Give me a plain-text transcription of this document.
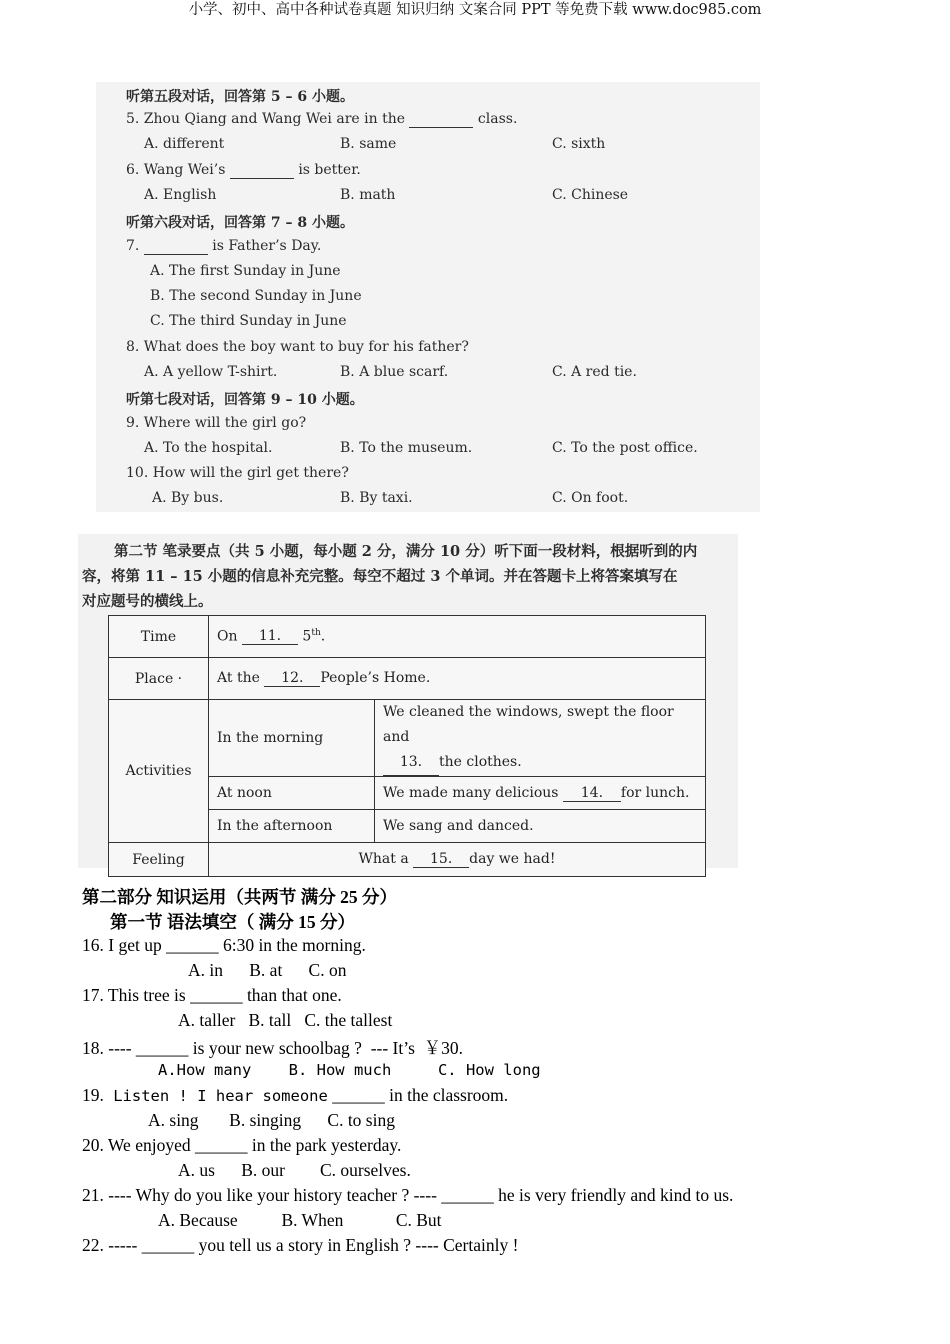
小学、初中、高中各种试卷真题 知识归纳 文案合同 PPT 等免费下载 www.doc985.com
听第五段对话，回答第 5 – 6 小题。
5. Zhou Qiang and Wang Wei are in the	class.
A. different	B. same	C. sixth
6. Wang Wei’s	is better.
A. English	B. math	C. Chinese
听第六段对话，回答第 7 – 8 小题。
7.	is Father’s Day.
A. The first Sunday in June
B. The second Sunday in June
C. The third Sunday in June
8. What does the boy want to buy for his father?
A. A yellow T-shirt.	B. A blue scarf.	C. A red tie.
听第七段对话，回答第 9 – 10 小题。
9. Where will the girl go?
A. To the hospital.	B. To the museum.	C. To the post office.
10. How will the girl get there?
A. By bus.	B. By taxi.	C. On foot.
第二节 笔录要点（共 5 小题，每小题 2 分，满分 10 分）听下面一段材料，根据听到的内
容，将第 11 – 15 小题的信息补充完整。每空不超过 3 个单词。并在答题卡上将答案填写在
对应题号的横线上。
Time	On 11. 5th.	
Place ·	At the 12. People’s Home.	
Activities	In the morning	We cleaned the windows, swept the floor and
13. the clothes.
	At noon	We made many delicious 14. for lunch.
	In the afternoon	We sang and danced.
Feeling	What a 15. day we had!	
第二部分 知识运用（共两节 满分 25 分）
第一节 语法填空（ 满分 15 分）
16. I get up ______ 6:30 in the morning.
A. in      B. at      C. on
17. This tree is ______ than that one.
A. taller   B. tall   C. the tallest
18. ---- ______ is your new schoolbag ?  --- It’s  ￥30.
A.How many    B. How much     C. How long
19. Listen ! I hear someone ______ in the classroom.
A. sing       B. singing      C. to sing
20. We enjoyed ______ in the park yesterday.
A. us      B. our        C. ourselves.
21. ---- Why do you like your history teacher ? ---- ______ he is very friendly and kind to us.
A. Because          B. When            C. But
22. ----- ______ you tell us a story in English ? ---- Certainly !
